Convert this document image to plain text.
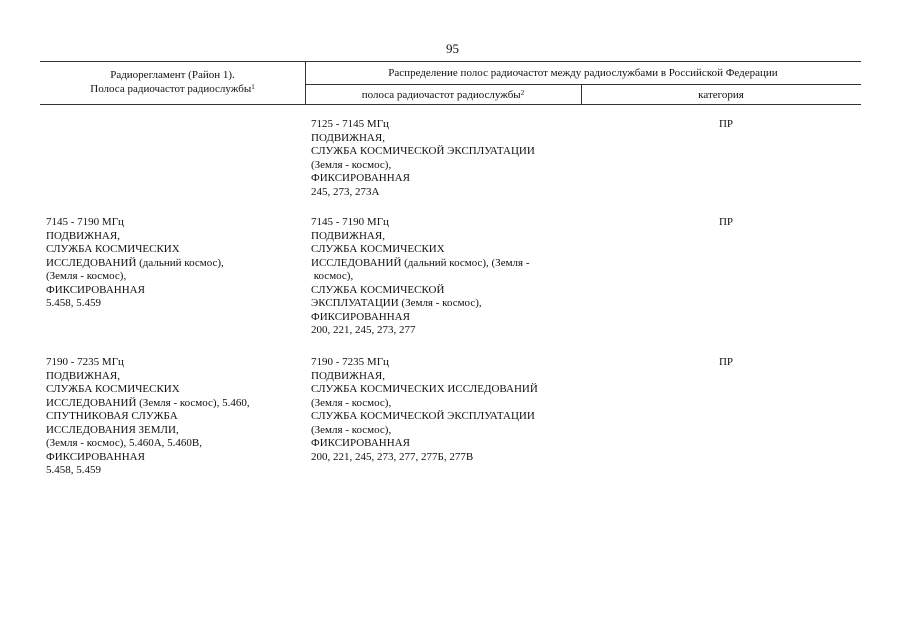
95
Радиорегламент (Район 1).
Полоса радиочастот радиослужбы$^1$
Распределение полос радиочастот между радиослужбами в Российской Федерации
полоса радиочастот радиослужбы$^2$	категория
7125 - 7145 МГц
ПОДВИЖНАЯ,
СЛУЖБА КОСМИЧЕСКОЙ ЭКСПЛУАТАЦИИ
(Земля - космос),
ФИКСИРОВАННАЯ
245, 273, 273А
ПР
7145 - 7190 МГц
ПОДВИЖНАЯ,
СЛУЖБА КОСМИЧЕСКИХ
ИССЛЕДОВАНИЙ (дальний космос),
(Земля - космос),
ФИКСИРОВАННАЯ
5.458, 5.459
7145 - 7190 МГц
ПОДВИЖНАЯ,
СЛУЖБА КОСМИЧЕСКИХ
ИССЛЕДОВАНИЙ (дальний космос), (Земля -
космос),
СЛУЖБА КОСМИЧЕСКОЙ
ЭКСПЛУАТАЦИИ (Земля - космос),
ФИКСИРОВАННАЯ
200, 221, 245, 273, 277
ПР
7190 - 7235 МГц
ПОДВИЖНАЯ,
СЛУЖБА КОСМИЧЕСКИХ
ИССЛЕДОВАНИЙ (Земля - космос), 5.460,
СПУТНИКОВАЯ СЛУЖБА
ИССЛЕДОВАНИЯ ЗЕМЛИ,
(Земля - космос), 5.460А, 5.460В,
ФИКСИРОВАННАЯ
5.458, 5.459
7190 - 7235 МГц
ПОДВИЖНАЯ,
СЛУЖБА КОСМИЧЕСКИХ ИССЛЕДОВАНИЙ
(Земля - космос),
СЛУЖБА КОСМИЧЕСКОЙ ЭКСПЛУАТАЦИИ
(Земля - космос),
ФИКСИРОВАННАЯ
200, 221, 245, 273, 277, 277Б, 277В
ПР
